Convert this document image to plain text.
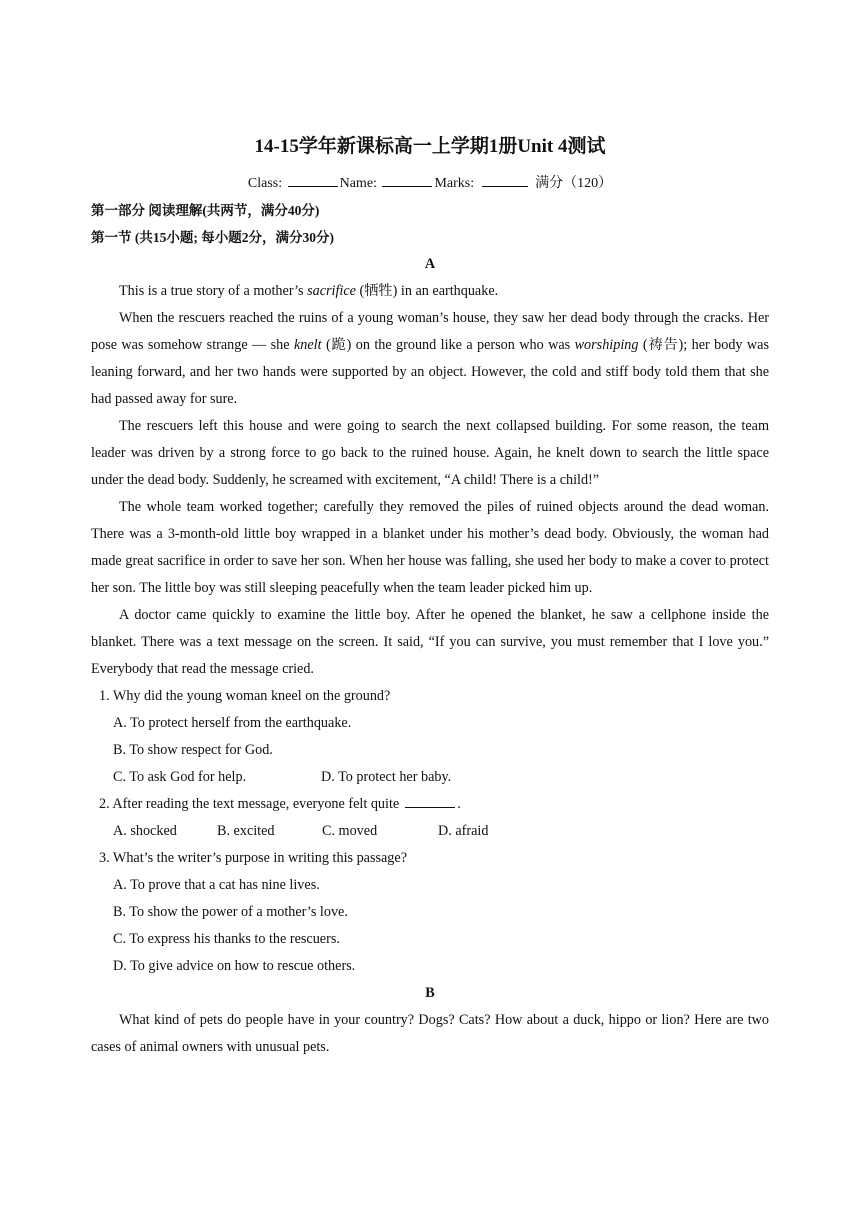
14-15学年新课标高一上学期1册Unit 4测试
Class:	Name:	Marks:	满分（120）

第一部分 阅读理解(共两节，满分40分)

第一节 (共15小题; 每小题2分，满分30分)

A

This is a true story of a mother’s sacrifice (牺牲) in an earthquake.

When the rescuers reached the ruins of a young woman’s house, they saw her dead body through the cracks. Her pose was somehow strange — she knelt (跪) on the ground like a person who was worshiping (祷告); her body was leaning forward, and her two hands were supported by an object. However, the cold and stiff body told them that she had passed away for sure.

The rescuers left this house and were going to search the next collapsed building. For some reason, the team leader was driven by a strong force to go back to the ruined house. Again, he knelt down to search the little space under the dead body. Suddenly, he screamed with excitement, “A child! There is a child!”

The whole team worked together; carefully they removed the piles of ruined objects around the dead woman. There was a 3-month-old little boy wrapped in a blanket under his mother’s dead body. Obviously, the woman had made great sacrifice in order to save her son. When her house was falling, she used her body to make a cover to protect her son. The little boy was still sleeping peacefully when the team leader picked him up.

A doctor came quickly to examine the little boy. After he opened the blanket, he saw a cellphone inside the blanket. There was a text message on the screen. It said, “If you can survive, you must remember that I love you.” Everybody that read the message cried.

1. Why did the young woman kneel on the ground?

A. To protect herself from the earthquake.

B. To show respect for God.

C. To ask God for help.	D. To protect her baby.

2. After reading the text message, everyone felt quite	.

A. shocked	B. excited	C. moved	D. afraid

3. What’s the writer’s purpose in writing this passage?

A. To prove that a cat has nine lives.

B. To show the power of a mother’s love.

C. To express his thanks to the rescuers.

D. To give advice on how to rescue others.

B

What kind of pets do people have in your country? Dogs? Cats? How about a duck, hippo or lion? Here are two cases of animal owners with unusual pets.
